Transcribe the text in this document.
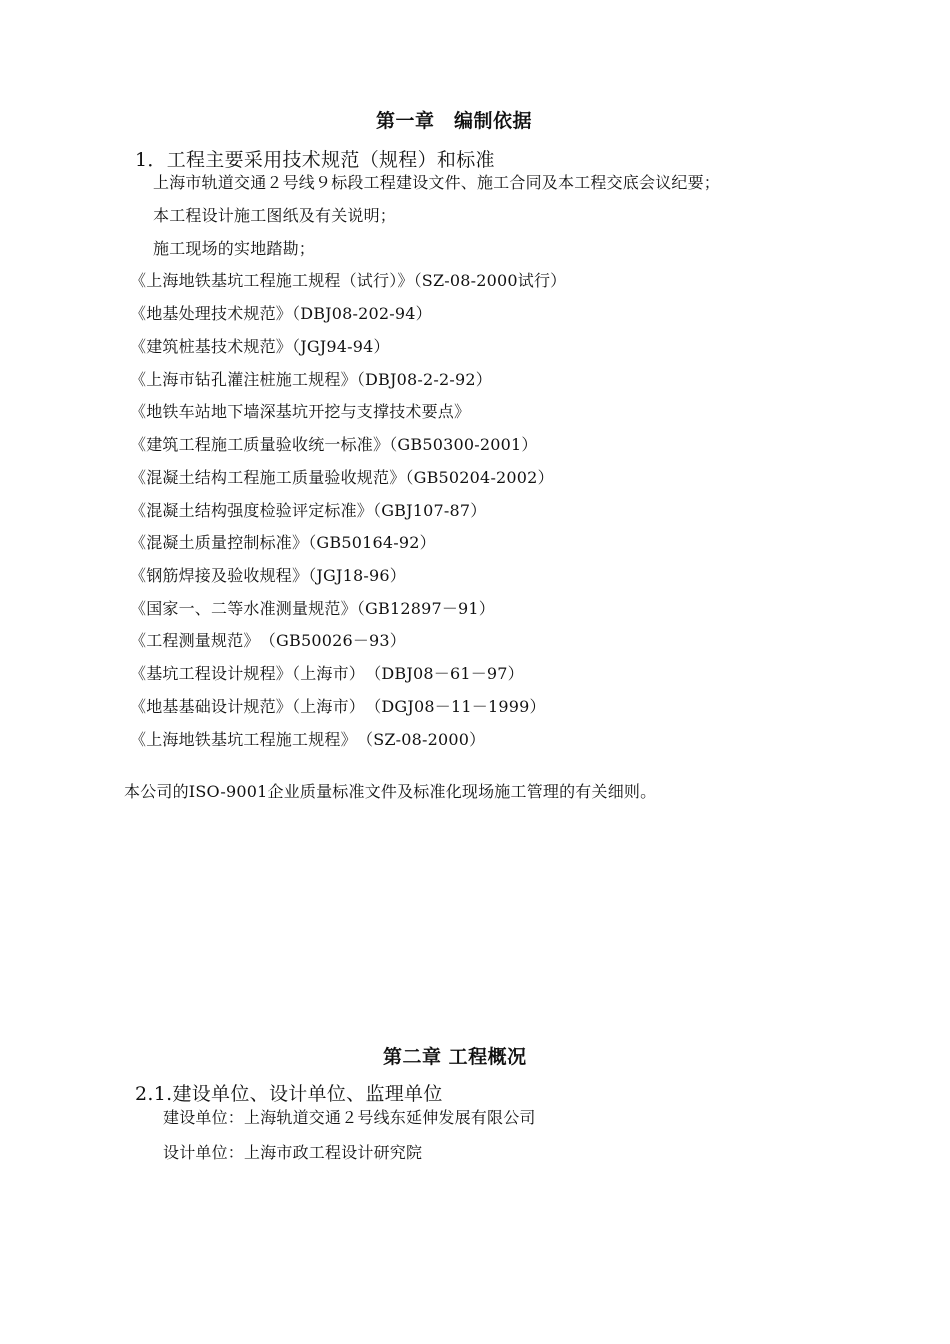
第一章　编制依据
1．工程主要采用技术规范（规程）和标准
上海市轨道交通２号线９标段工程建设文件、施工合同及本工程交底会议纪要；
本工程设计施工图纸及有关说明；
施工现场的实地踏勘；
《上海地铁基坑工程施工规程（试行）》（SZ-08-2000试行）
《地基处理技术规范》（DBJ08-202-94）
《建筑桩基技术规范》（JGJ94-94）
《上海市钻孔灌注桩施工规程》（DBJ08-2-2-92）
《地铁车站地下墙深基坑开挖与支撑技术要点》
《建筑工程施工质量验收统一标准》（GB50300-2001）
《混凝土结构工程施工质量验收规范》（GB50204-2002）
《混凝土结构强度检验评定标准》（GBJ107-87）
《混凝土质量控制标准》（GB50164-92）
《钢筋焊接及验收规程》（JGJ18-96）
《国家一、二等水准测量规范》（GB12897－91）
《工程测量规范》　（GB50026－93）
《基坑工程设计规程》（上海市）　（DBJ08－61－97）
《地基基础设计规范》（上海市）　（DGJ08－11－1999）
《上海地铁基坑工程施工规程》　（SZ-08-2000）
本公司的ISO-9001企业质量标准文件及标准化现场施工管理的有关细则。
第二章 工程概况
2.1.建设单位、设计单位、监理单位
建设单位：上海轨道交通２号线东延伸发展有限公司
设计单位：上海市政工程设计研究院
